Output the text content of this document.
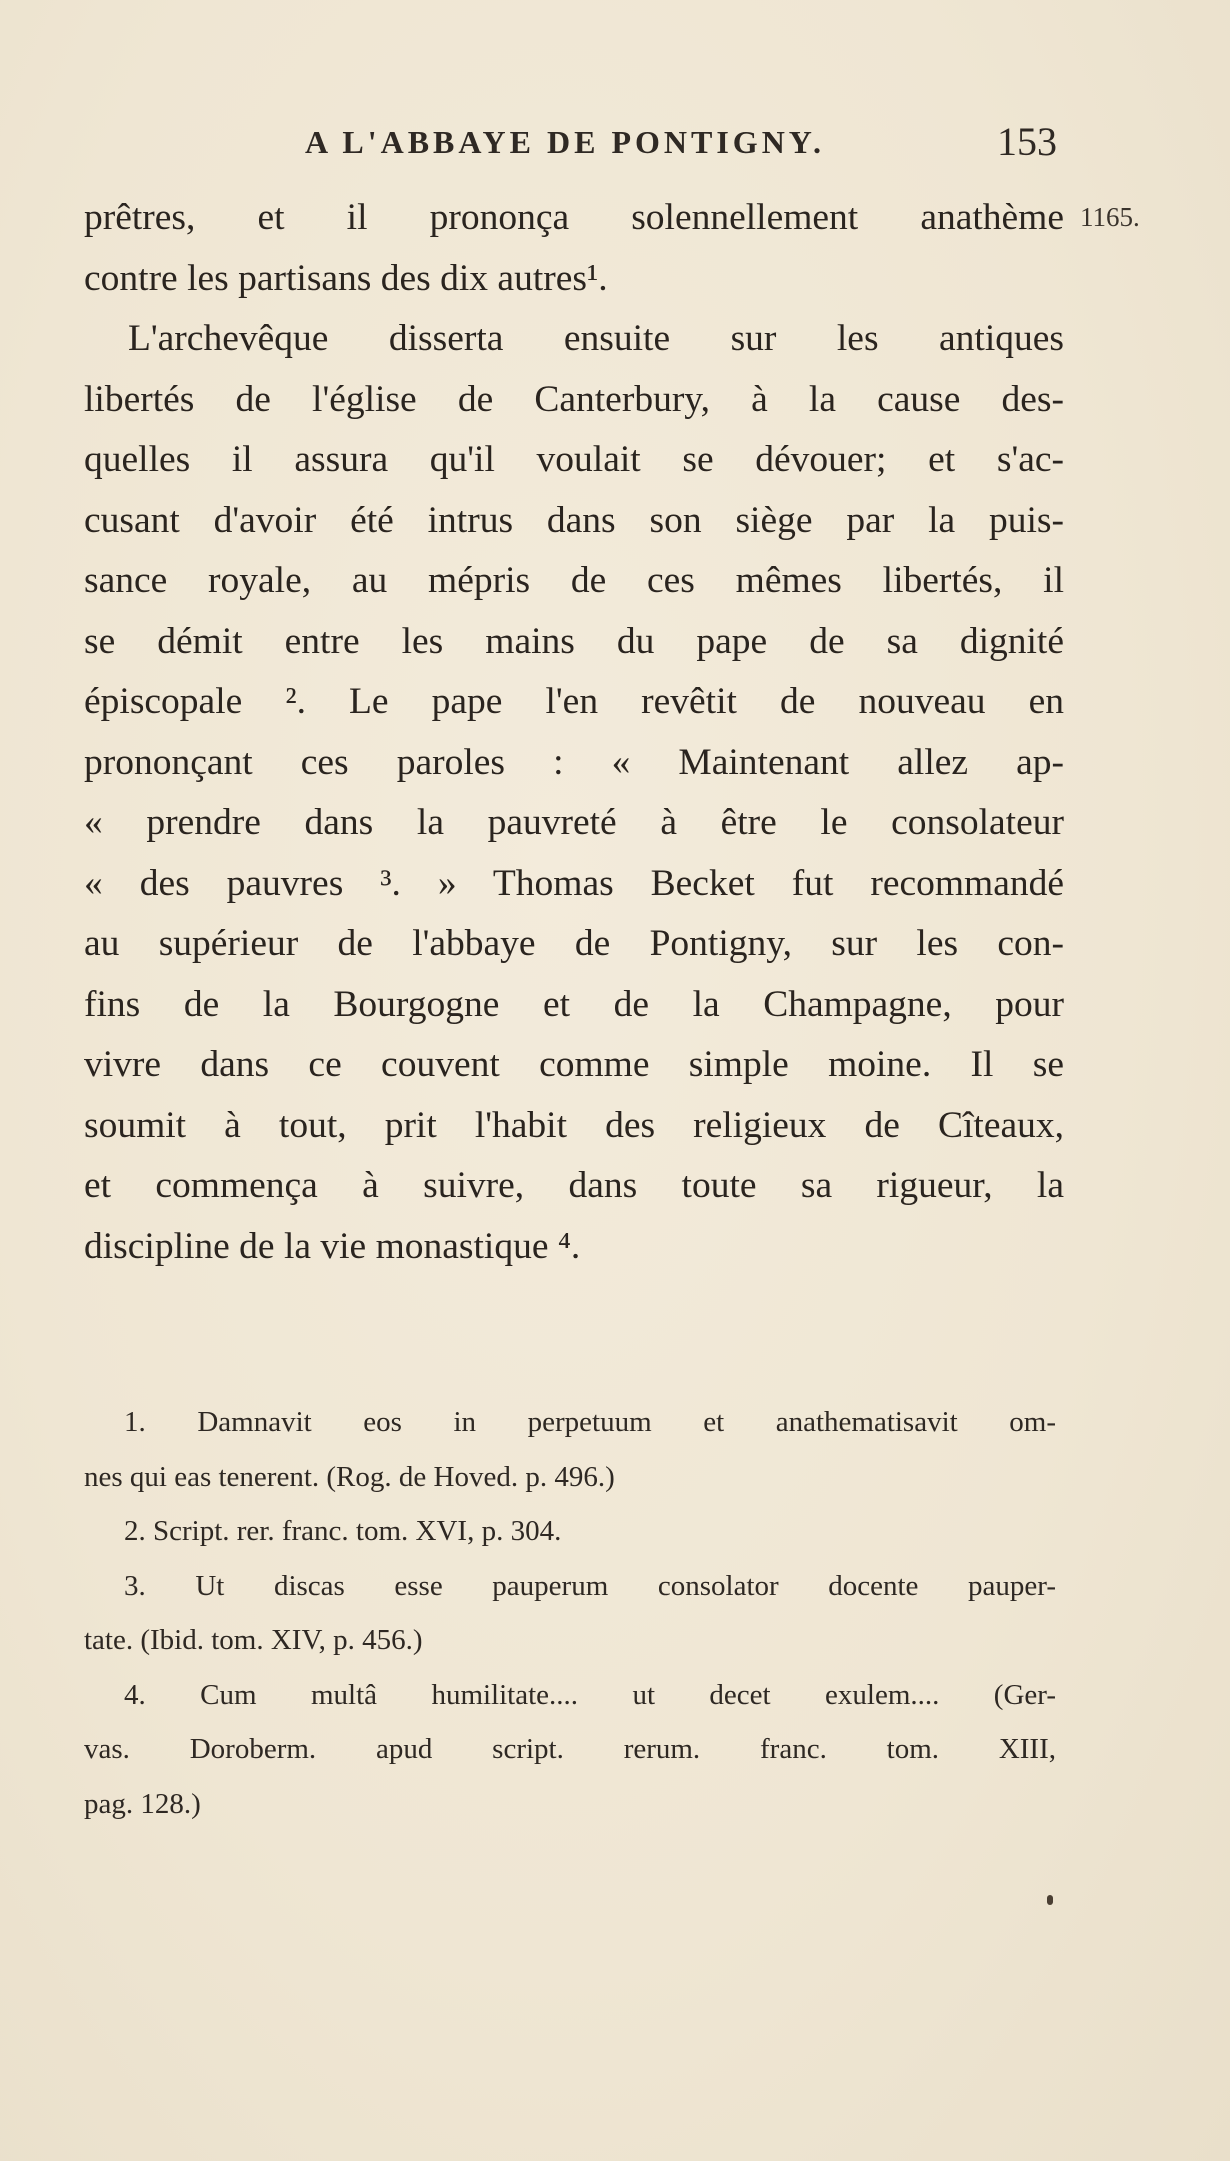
A L'ABBAYE DE PONTIGNY.	153
1165.
prêtres, et il prononça solennellement anathème
contre les partisans des dix autres¹.
L'archevêque disserta ensuite sur les antiques
libertés de l'église de Canterbury, à la cause des-
quelles il assura qu'il voulait se dévouer; et s'ac-
cusant d'avoir été intrus dans son siège par la puis-
sance royale, au mépris de ces mêmes libertés, il
se démit entre les mains du pape de sa dignité
épiscopale ². Le pape l'en revêtit de nouveau en
prononçant ces paroles : « Maintenant allez ap-
« prendre dans la pauvreté à être le consolateur
« des pauvres ³. » Thomas Becket fut recommandé
au supérieur de l'abbaye de Pontigny, sur les con-
fins de la Bourgogne et de la Champagne, pour
vivre dans ce couvent comme simple moine. Il se
soumit à tout, prit l'habit des religieux de Cîteaux,
et commença à suivre, dans toute sa rigueur, la
discipline de la vie monastique ⁴.
1. Damnavit eos in perpetuum et anathematisavit om-
nes qui eas tenerent. (Rog. de Hoved. p. 496.)
2. Script. rer. franc. tom. XVI, p. 304.
3. Ut discas esse pauperum consolator docente pauper-
tate. (Ibid. tom. XIV, p. 456.)
4. Cum multâ humilitate.... ut decet exulem.... (Ger-
vas. Doroberm. apud script. rerum. franc. tom. XIII,
pag. 128.)
